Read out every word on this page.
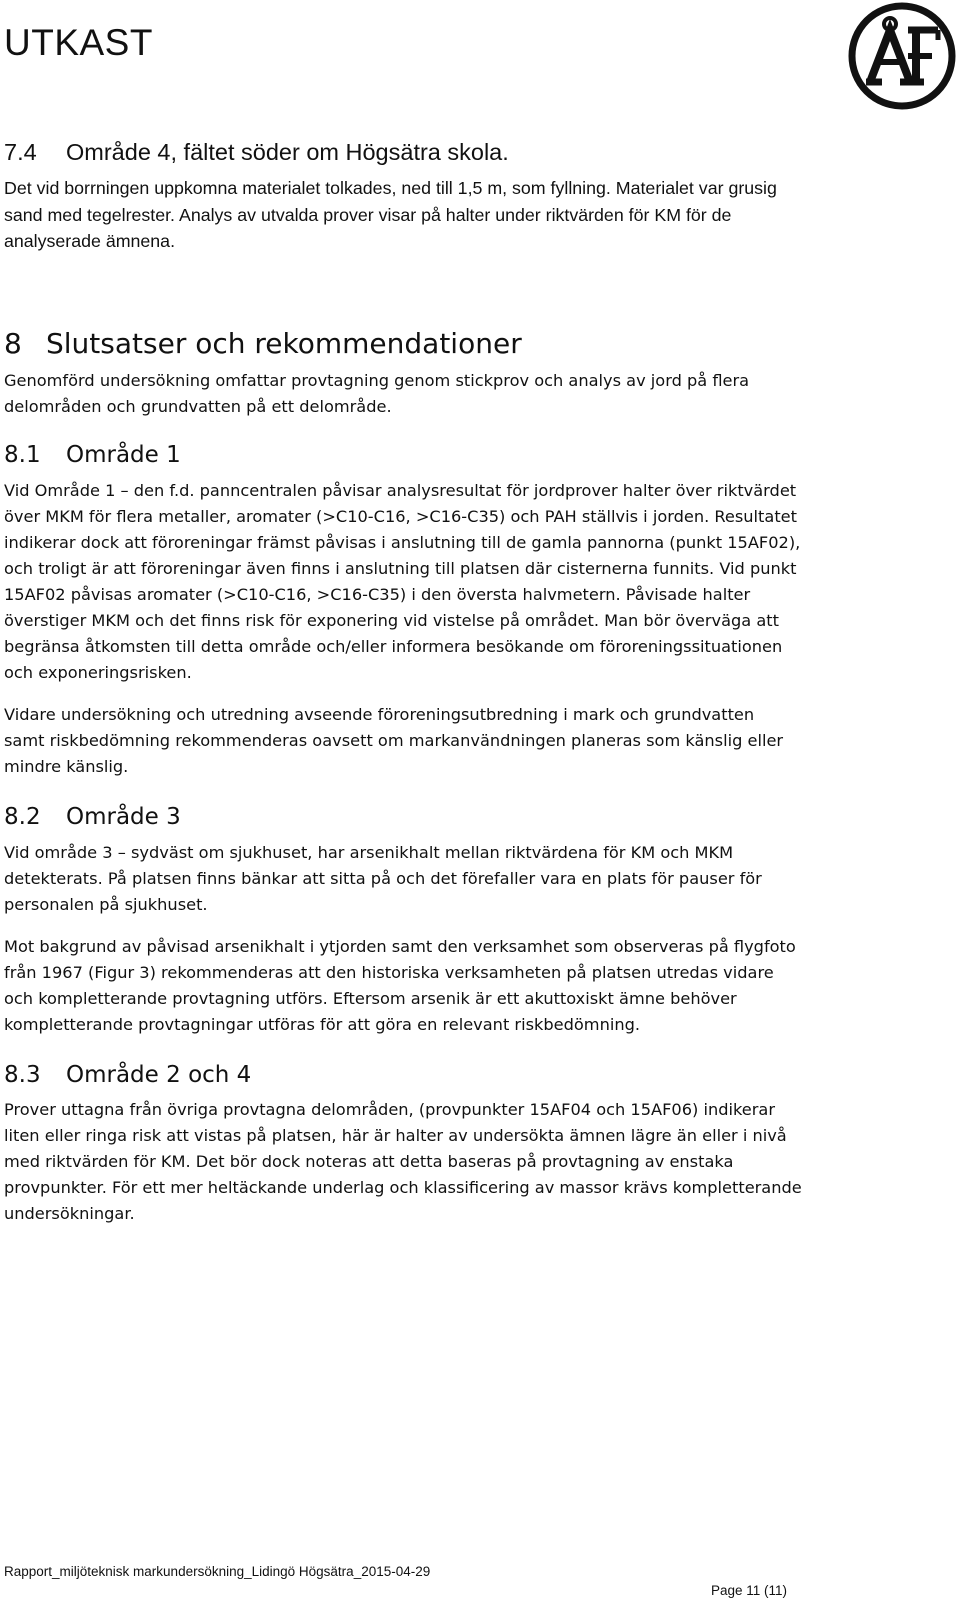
UTKAST
7.4 Område 4, fältet söder om Högsätra skola.

Det vid borrningen uppkomna materialet tolkades, ned till 1,5 m, som fyllning. Materialet var grusig sand med tegelrester. Analys av utvalda prover visar på halter under riktvärden för KM för de analyserade ämnena.

8 Slutsatser och rekommendationer

Genomförd undersökning omfattar provtagning genom stickprov och analys av jord på flera delområden och grundvatten på ett delområde.

8.1 Område 1

Vid Område 1 – den f.d. panncentralen påvisar analysresultat för jordprover halter över riktvärdet över MKM för flera metaller, aromater (>C10-C16, >C16-C35) och PAH ställvis i jorden. Resultatet indikerar dock att föroreningar främst påvisas i anslutning till de gamla pannorna (punkt 15AF02), och troligt är att föroreningar även finns i anslutning till platsen där cisternerna funnits. Vid punkt 15AF02 påvisas aromater (>C10-C16, >C16-C35) i den översta halvmetern. Påvisade halter överstiger MKM och det finns risk för exponering vid vistelse på området. Man bör överväga att begränsa åtkomsten till detta område och/eller informera besökande om föroreningssituationen och exponeringsrisken.

Vidare undersökning och utredning avseende föroreningsutbredning i mark och grundvatten samt riskbedömning rekommenderas oavsett om markanvändningen planeras som känslig eller mindre känslig.

8.2 Område 3

Vid område 3 – sydväst om sjukhuset, har arsenikhalt mellan riktvärdena för KM och MKM detekterats. På platsen finns bänkar att sitta på och det förefaller vara en plats för pauser för personalen på sjukhuset.

Mot bakgrund av påvisad arsenikhalt i ytjorden samt den verksamhet som observeras på flygfoto från 1967 (Figur 3) rekommenderas att den historiska verksamheten på platsen utredas vidare och kompletterande provtagning utförs. Eftersom arsenik är ett akuttoxiskt ämne behöver kompletterande provtagningar utföras för att göra en relevant riskbedömning.

8.3 Område 2 och 4

Prover uttagna från övriga provtagna delområden, (provpunkter 15AF04 och 15AF06) indikerar liten eller ringa risk att vistas på platsen, här är halter av undersökta ämnen lägre än eller i nivå med riktvärden för KM. Det bör dock noteras att detta baseras på provtagning av enstaka provpunkter. För ett mer heltäckande underlag och klassificering av massor krävs kompletterande undersökningar.

Rapport_miljöteknisk markundersökning_Lidingö Högsätra_2015-04-29

Page 11 (11)
